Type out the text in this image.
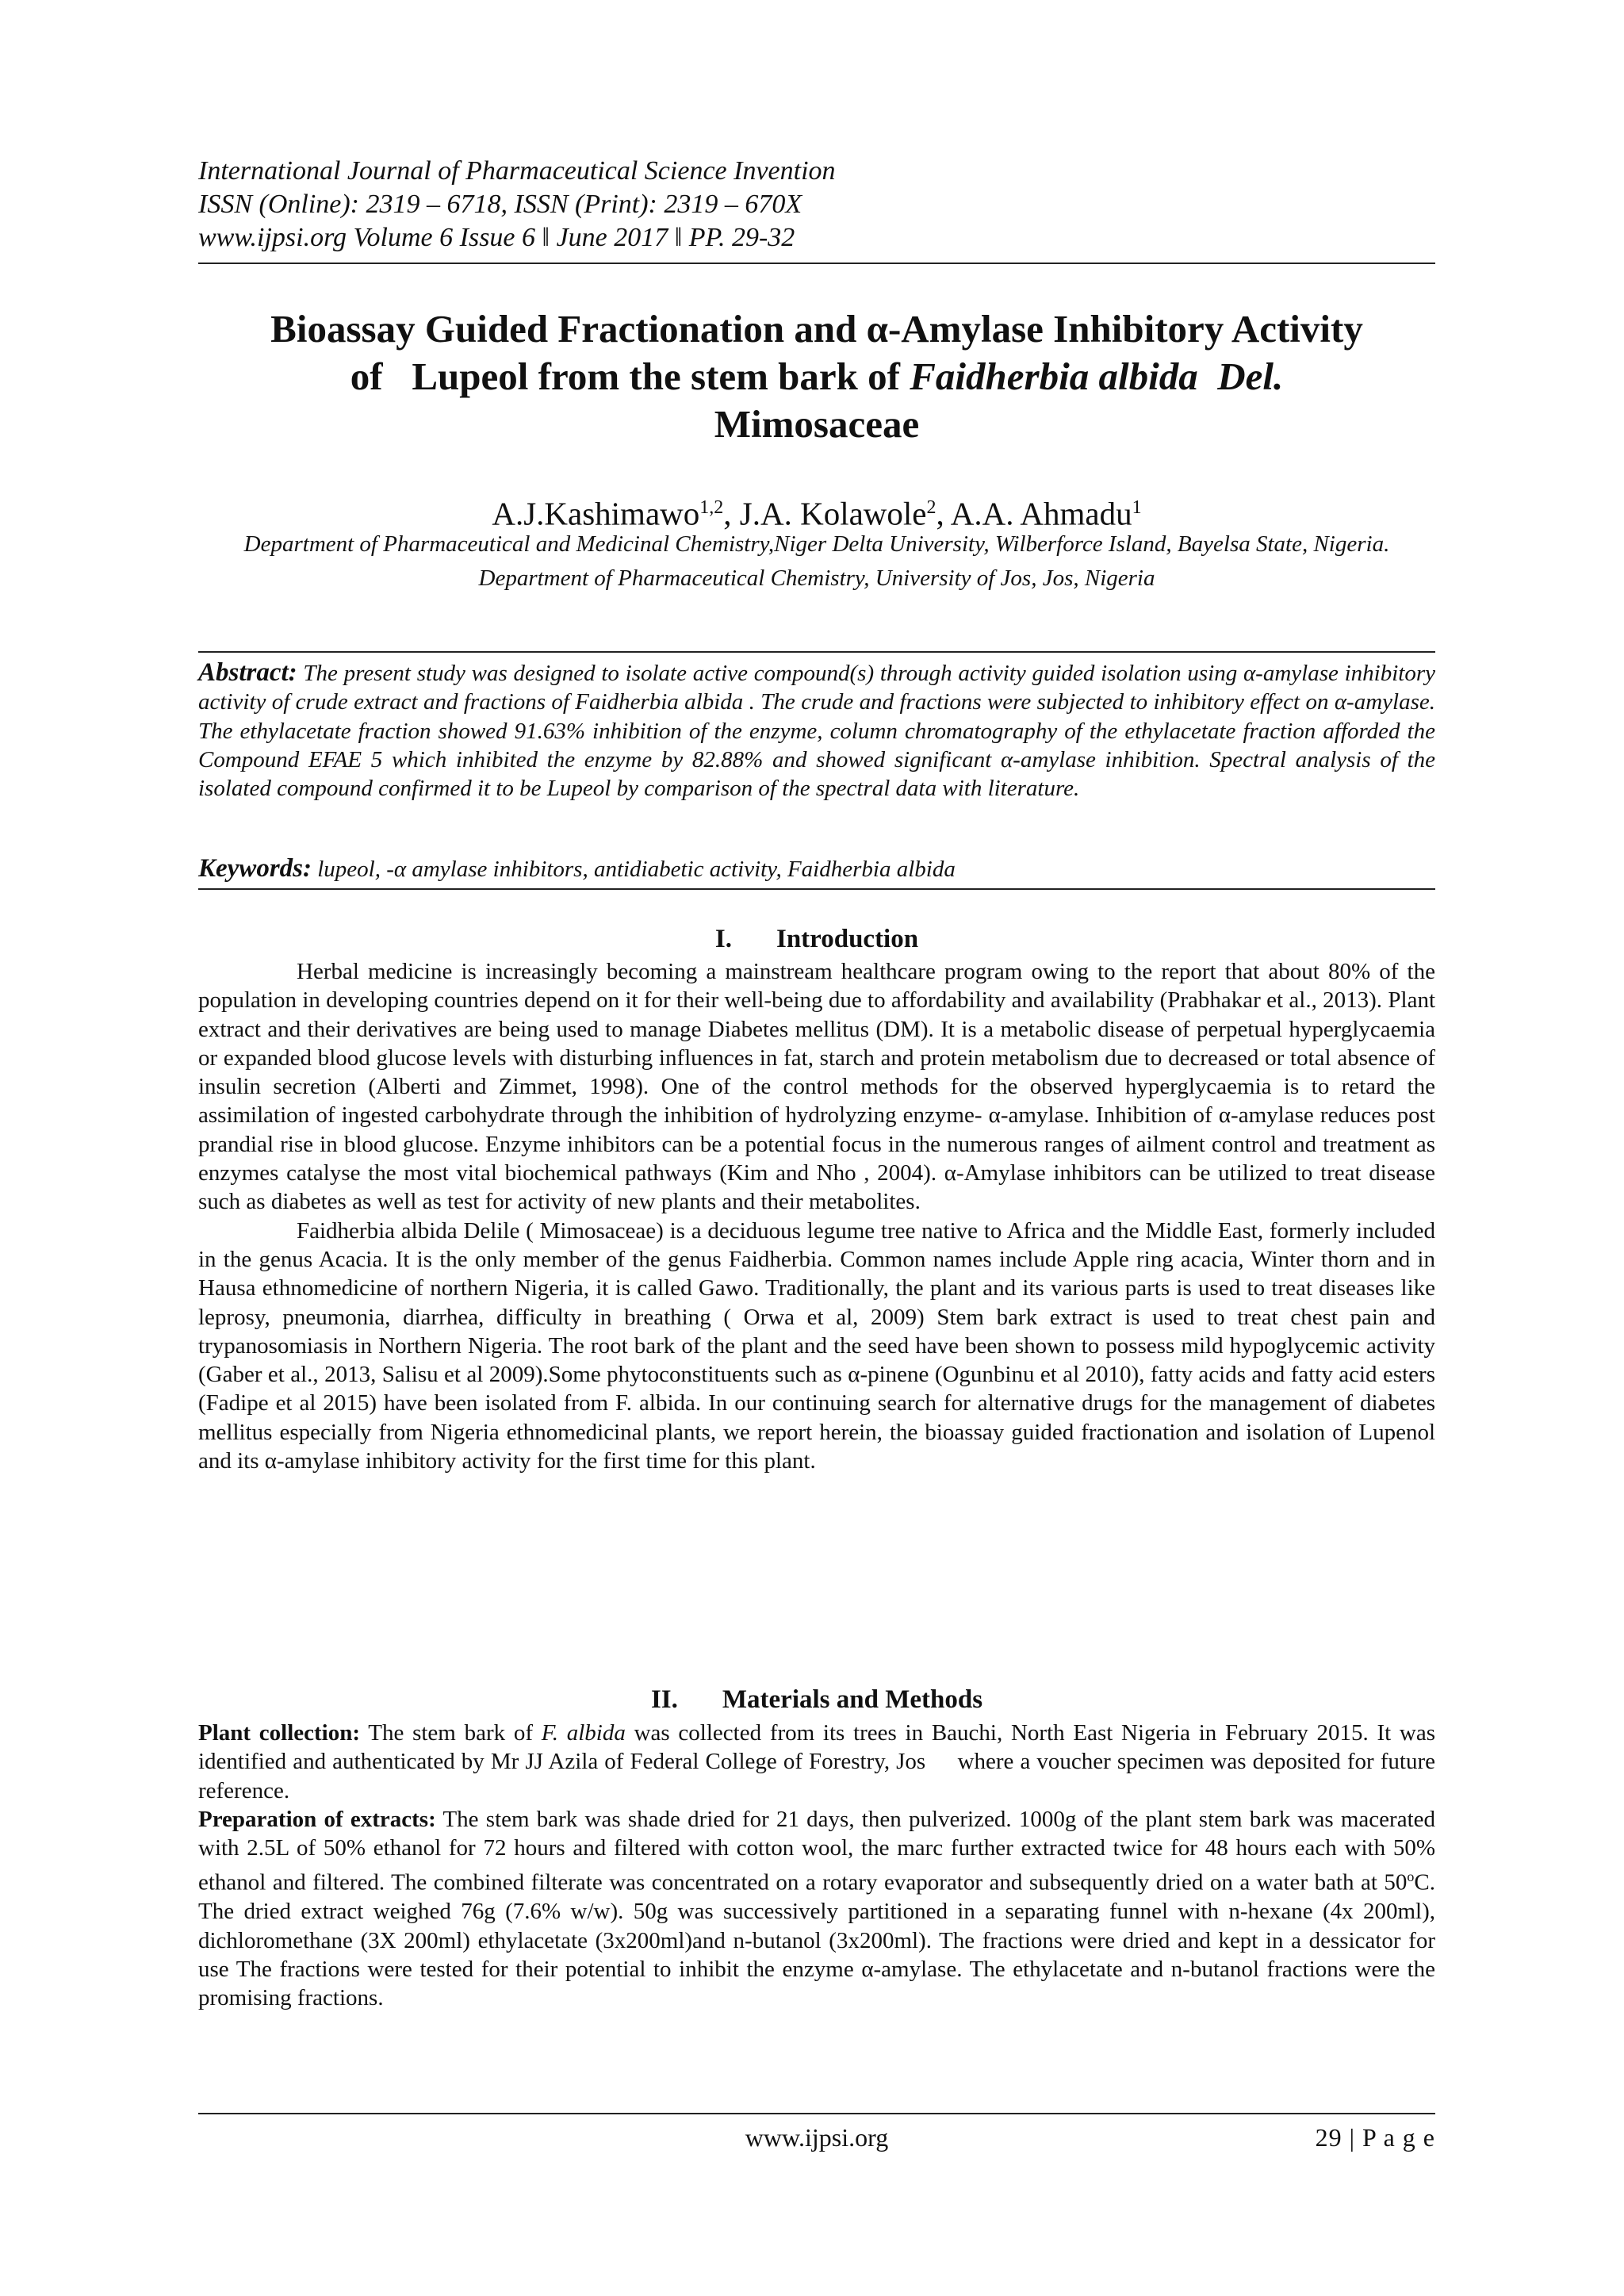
International Journal of Pharmaceutical Science Invention
ISSN (Online): 2319 – 6718, ISSN (Print): 2319 – 670X
www.ijpsi.org Volume 6 Issue 6 ǁ June 2017 ǁ PP. 29-32
Bioassay Guided Fractionation and α-Amylase Inhibitory Activity
of   Lupeol from the stem bark of Faidherbia albida  Del.
Mimosaceae
A.J.Kashimawo$^{1,2}$, J.A. Kolawole$^2$, A.A. Ahmadu$^1$
Department of Pharmaceutical and Medicinal Chemistry,Niger Delta University, Wilberforce Island, Bayelsa State, Nigeria.
Department of Pharmaceutical Chemistry, University of Jos, Jos, Nigeria
Abstract: The present study was designed to isolate active compound(s) through activity guided isolation using α-amylase inhibitory activity of crude extract and fractions of Faidherbia albida . The crude and fractions were subjected to inhibitory effect on α-amylase. The ethylacetate fraction showed 91.63% inhibition of the enzyme, column chromatography of the ethylacetate fraction afforded the Compound EFAE 5 which inhibited the enzyme by 82.88% and showed significant α-amylase inhibition. Spectral analysis of the isolated compound confirmed it to be Lupeol by comparison of the spectral data with literature.
Keywords: lupeol, -α amylase inhibitors, antidiabetic activity, Faidherbia albida
I. Introduction

Herbal medicine is increasingly becoming a mainstream healthcare program owing to the report that about 80% of the population in developing countries depend on it for their well-being due to affordability and availability (Prabhakar et al., 2013). Plant extract and their derivatives are being used to manage Diabetes mellitus (DM). It is a metabolic disease of perpetual hyperglycaemia or expanded blood glucose levels with disturbing influences in fat, starch and protein metabolism due to decreased or total absence of insulin secretion (Alberti and Zimmet, 1998). One of the control methods for the observed hyperglycaemia is to retard the assimilation of ingested carbohydrate through the inhibition of hydrolyzing enzyme- α-amylase. Inhibition of α-amylase reduces post prandial rise in blood glucose. Enzyme inhibitors can be a potential focus in the numerous ranges of ailment control and treatment as enzymes catalyse the most vital biochemical pathways (Kim and Nho , 2004). α-Amylase inhibitors can be utilized to treat disease such as diabetes as well as test for activity of new plants and their metabolites.

Faidherbia albida Delile ( Mimosaceae) is a deciduous legume tree native to Africa and the Middle East, formerly included in the genus Acacia. It is the only member of the genus Faidherbia. Common names include Apple ring acacia, Winter thorn and in Hausa ethnomedicine of northern Nigeria, it is called Gawo. Traditionally, the plant and its various parts is used to treat diseases like leprosy, pneumonia, diarrhea, difficulty in breathing ( Orwa et al, 2009) Stem bark extract is used to treat chest pain and trypanosomiasis in Northern Nigeria. The root bark of the plant and the seed have been shown to possess mild hypoglycemic activity (Gaber et al., 2013, Salisu et al 2009).Some phytoconstituents such as α-pinene (Ogunbinu et al 2010), fatty acids and fatty acid esters (Fadipe et al 2015) have been isolated from F. albida. In our continuing search for alternative drugs for the management of diabetes mellitus especially from Nigeria ethnomedicinal plants, we report herein, the bioassay guided fractionation and isolation of Lupenol and its α-amylase inhibitory activity for the first time for this plant.

II. Materials and Methods

Plant collection: The stem bark of F. albida was collected from its trees in Bauchi, North East Nigeria in February 2015. It was identified and authenticated by Mr JJ Azila of Federal College of Forestry, Jos     where a voucher specimen was deposited for future reference.

Preparation of extracts: The stem bark was shade dried for 21 days, then pulverized. 1000g of the plant stem bark was macerated with 2.5L of 50% ethanol for 72 hours and filtered with cotton wool, the marc further extracted twice for 48 hours each with 50% ethanol and filtered. The combined filterate was concentrated on a rotary evaporator and subsequently dried on a water bath at 50$^o$C. The dried extract weighed 76g (7.6% w/w). 50g was successively partitioned in a separating funnel with n-hexane (4x 200ml), dichloromethane (3X 200ml) ethylacetate (3x200ml)and n-butanol (3x200ml). The fractions were dried and kept in a dessicator for use The fractions were tested for their potential to inhibit the enzyme α-amylase. The ethylacetate and n-butanol fractions were the promising fractions.

www.ijpsi.org	29 | P a g e
